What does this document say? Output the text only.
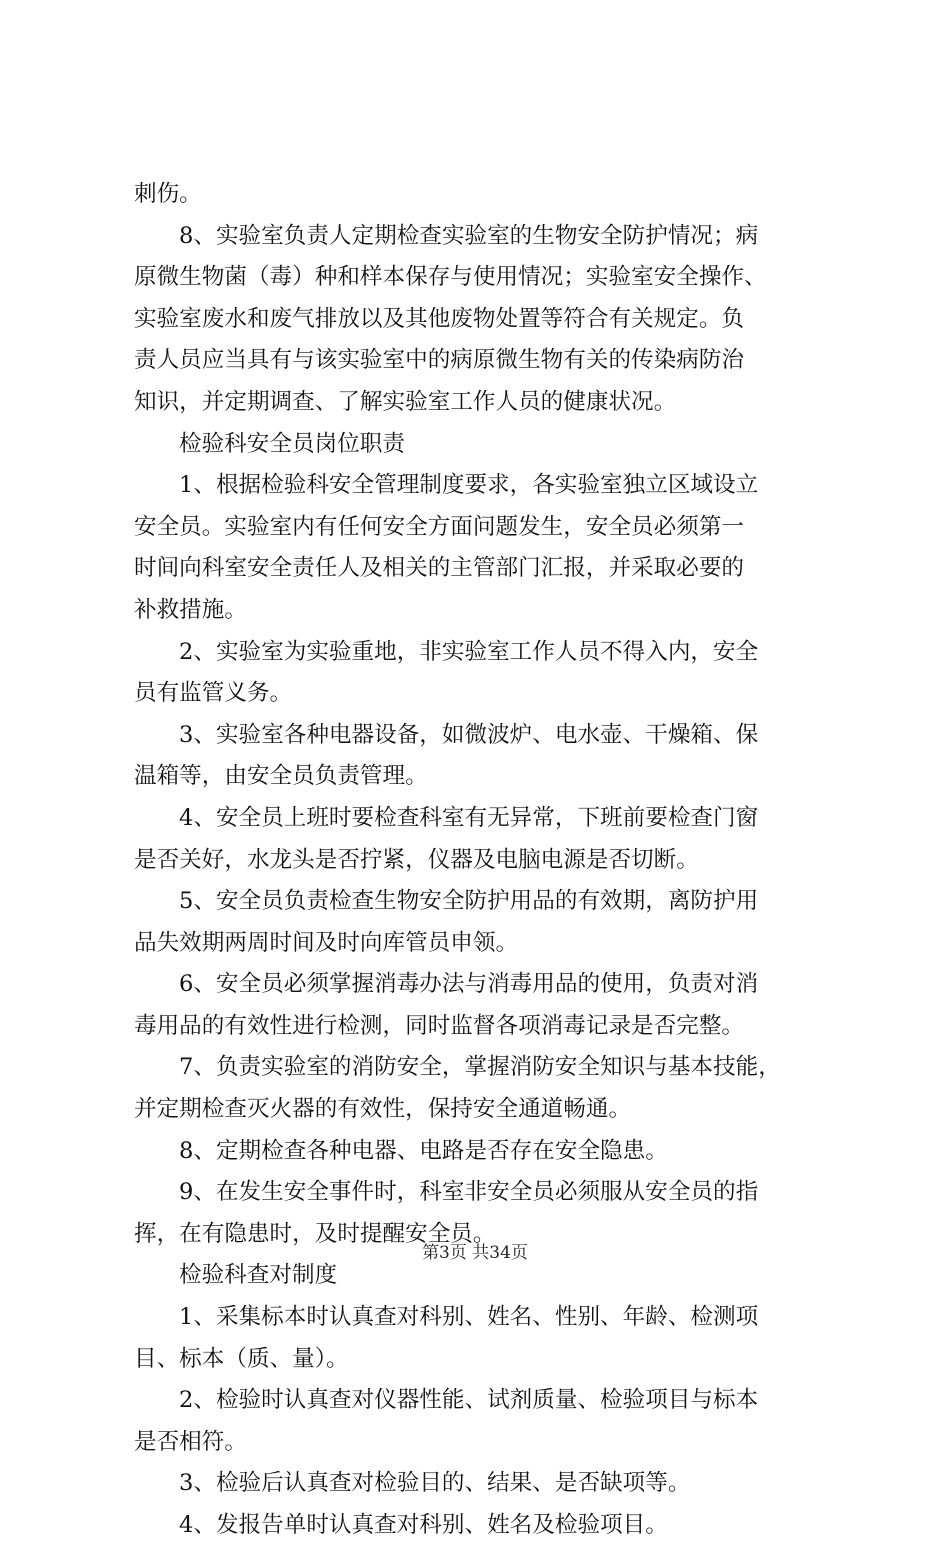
刺伤。
8、实验室负责人定期检查实验室的生物安全防护情况；病
原微生物菌（毒）种和样本保存与使用情况；实验室安全操作、
实验室废水和废气排放以及其他废物处置等符合有关规定。负
责人员应当具有与该实验室中的病原微生物有关的传染病防治
知识，并定期调查、了解实验室工作人员的健康状况。
检验科安全员岗位职责
1、根据检验科安全管理制度要求，各实验室独立区域设立
安全员。实验室内有任何安全方面问题发生，安全员必须第一
时间向科室安全责任人及相关的主管部门汇报，并采取必要的
补救措施。
2、实验室为实验重地，非实验室工作人员不得入内，安全
员有监管义务。
3、实验室各种电器设备，如微波炉、电水壶、干燥箱、保
温箱等，由安全员负责管理。
4、安全员上班时要检查科室有无异常，下班前要检查门窗
是否关好，水龙头是否拧紧，仪器及电脑电源是否切断。
5、安全员负责检查生物安全防护用品的有效期，离防护用
品失效期两周时间及时向库管员申领。
6、安全员必须掌握消毒办法与消毒用品的使用，负责对消
毒用品的有效性进行检测，同时监督各项消毒记录是否完整。
7、负责实验室的消防安全，掌握消防安全知识与基本技能，
并定期检查灭火器的有效性，保持安全通道畅通。
8、定期检查各种电器、电路是否存在安全隐患。
9、在发生安全事件时，科室非安全员必须服从安全员的指
挥，在有隐患时，及时提醒安全员。
检验科查对制度
1、采集标本时认真查对科别、姓名、性别、年龄、检测项
目、标本（质、量）。
2、检验时认真查对仪器性能、试剂质量、检验项目与标本
是否相符。
3、检验后认真查对检验目的、结果、是否缺项等。
4、发报告单时认真查对科别、姓名及检验项目。
第3页 共34页
